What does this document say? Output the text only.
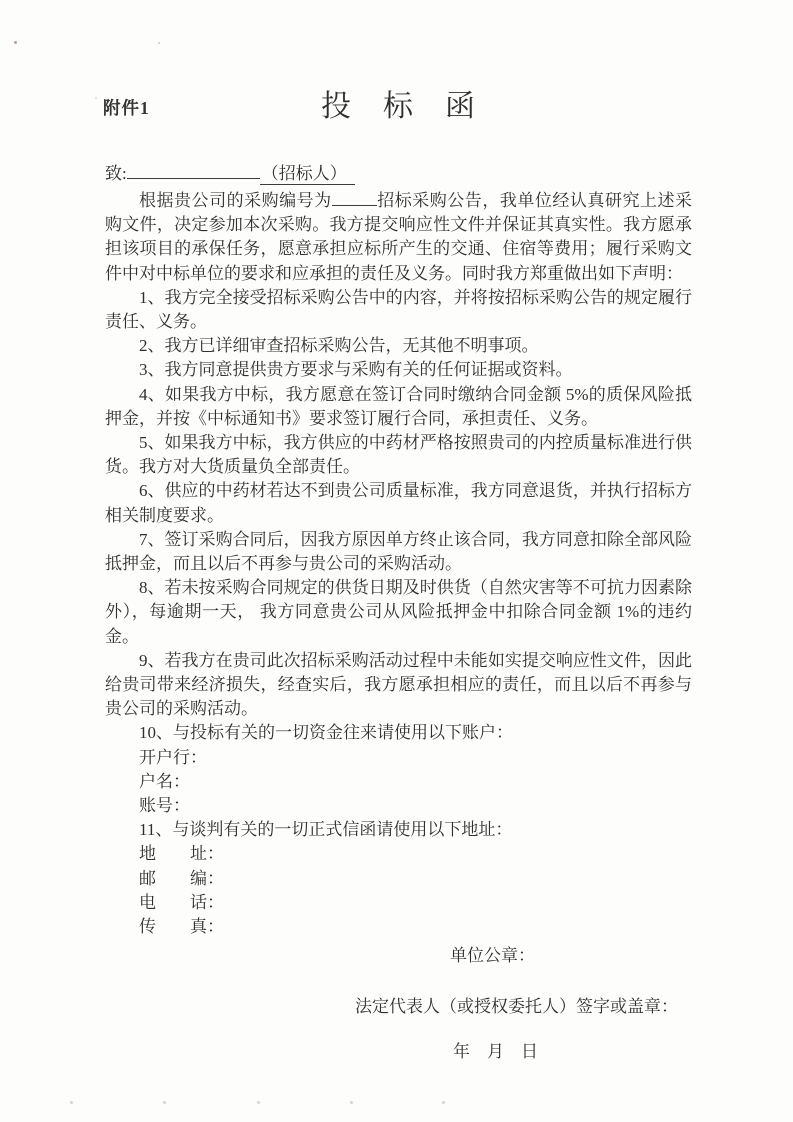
附件1	投　标　函
致:	（招标人）

根据贵公司的采购编号为	招标采购公告，我单位经认真研究上述采购文件，决定参加本次采购。我方提交响应性文件并保证其真实性。我方愿承担该项目的承保任务，愿意承担应标所产生的交通、住宿等费用；履行采购文件中对中标单位的要求和应承担的责任及义务。同时我方郑重做出如下声明：

1、我方完全接受招标采购公告中的内容，并将按招标采购公告的规定履行责任、义务。

2、我方已详细审查招标采购公告，无其他不明事项。

3、我方同意提供贵方要求与采购有关的任何证据或资料。

4、如果我方中标，我方愿意在签订合同时缴纳合同金额 5%的质保风险抵押金，并按《中标通知书》要求签订履行合同，承担责任、义务。

5、如果我方中标，我方供应的中药材严格按照贵司的内控质量标准进行供货。我方对大货质量负全部责任。

6、供应的中药材若达不到贵公司质量标准，我方同意退货，并执行招标方相关制度要求。

7、签订采购合同后，因我方原因单方终止该合同，我方同意扣除全部风险抵押金，而且以后不再参与贵公司的采购活动。

8、若未按采购合同规定的供货日期及时供货（自然灾害等不可抗力因素除外），每逾期一天， 我方同意贵公司从风险抵押金中扣除合同金额 1%的违约金。

9、若我方在贵司此次招标采购活动过程中未能如实提交响应性文件，因此给贵司带来经济损失，经查实后，我方愿承担相应的责任，而且以后不再参与贵公司的采购活动。

10、与投标有关的一切资金往来请使用以下账户：

开户行：

户名：

账号：

11、与谈判有关的一切正式信函请使用以下地址：

地　　址：

邮　　编：

电　　话：

传　　真：

单位公章：

法定代表人（或授权委托人）签字或盖章：

年　月　日
